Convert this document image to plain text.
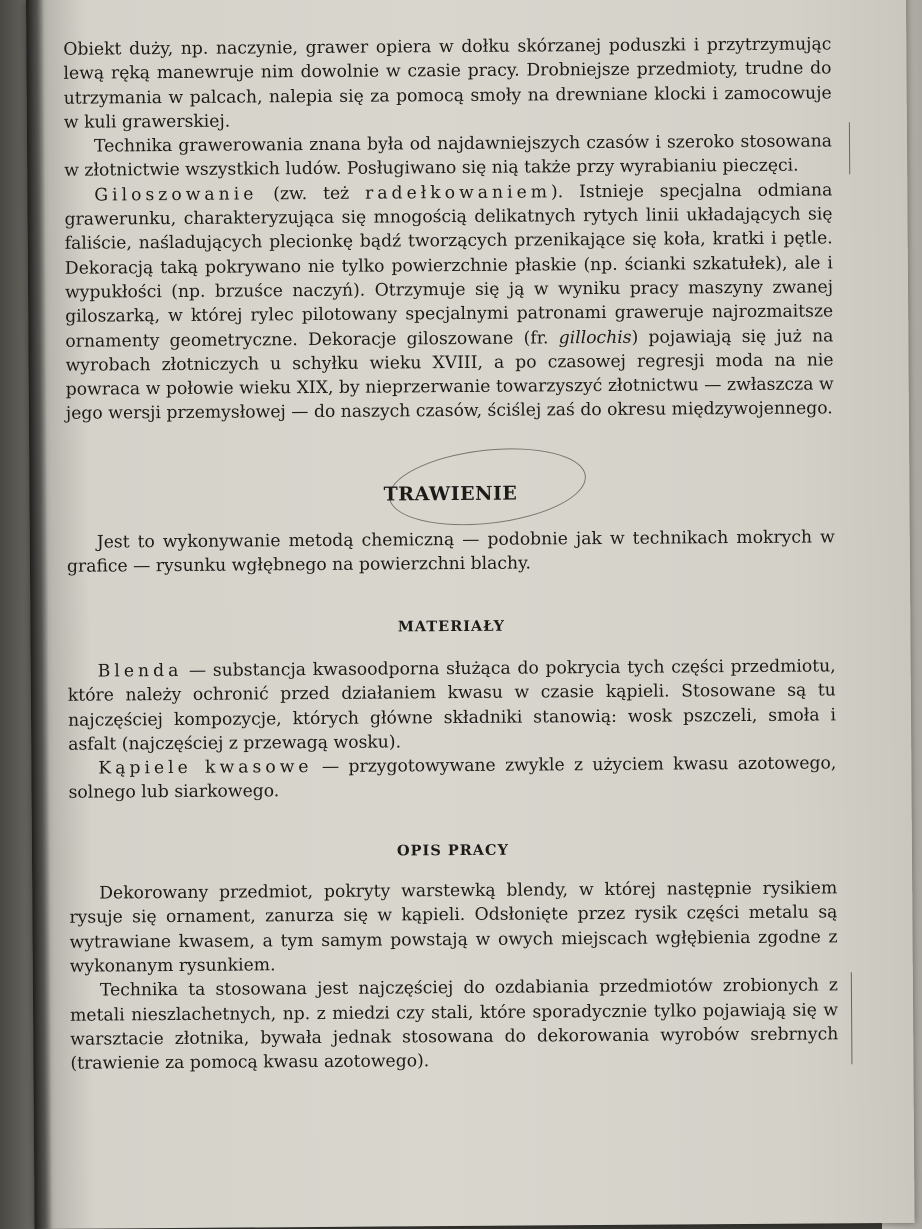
Obiekt duży, np. naczynie, grawer opiera w dołku skórzanej poduszki i przytrzymując lewą ręką manewruje nim dowolnie w czasie pracy. Drobniejsze przedmioty, trudne do utrzymania w palcach, nalepia się za pomocą smoły na drewniane klocki i zamocowuje w kuli grawerskiej.

Technika grawerowania znana była od najdawniejszych czasów i szeroko stosowana w złotnictwie wszystkich ludów. Posługiwano się nią także przy wyrabianiu pieczęci.

Giloszowanie (zw. też radełkowaniem). Istnieje specjalna odmiana grawerunku, charakteryzująca się mnogością delikatnych rytych linii układających się faliście, naśladujących plecionkę bądź tworzących przenikające się koła, kratki i pętle. Dekoracją taką pokrywano nie tylko powierzchnie płaskie (np. ścianki szkatułek), ale i wypukłości (np. brzuśce naczyń). Otrzymuje się ją w wyniku pracy maszyny zwanej giloszarką, w której rylec pilotowany specjalnymi patronami graweruje najrozmaitsze ornamenty geometryczne. Dekoracje giloszowane (fr. gillochis) pojawiają się już na wyrobach złotniczych u schyłku wieku XVIII, a po czasowej regresji moda na nie powraca w połowie wieku XIX, by nieprzerwanie towarzyszyć złotnictwu — zwłaszcza w jego wersji przemysłowej — do naszych czasów, ściślej zaś do okresu międzywojennego.

TRAWIENIE

Jest to wykonywanie metodą chemiczną — podobnie jak w technikach mokrych w grafice — rysunku wgłębnego na powierzchni blachy.

MATERIAŁY

Blenda — substancja kwasoodporna służąca do pokrycia tych części przedmiotu, które należy ochronić przed działaniem kwasu w czasie kąpieli. Stosowane są tu najczęściej kompozycje, których główne składniki stanowią: wosk pszczeli, smoła i asfalt (najczęściej z przewagą wosku).

Kąpiele kwasowe — przygotowywane zwykle z użyciem kwasu azotowego, solnego lub siarkowego.

OPIS PRACY

Dekorowany przedmiot, pokryty warstewką blendy, w której następnie rysikiem rysuje się ornament, zanurza się w kąpieli. Odsłonięte przez rysik części metalu są wytrawiane kwasem, a tym samym powstają w owych miejscach wgłębienia zgodne z wykonanym rysunkiem.

Technika ta stosowana jest najczęściej do ozdabiania przedmiotów zrobionych z metali nieszlachetnych, np. z miedzi czy stali, które sporadycznie tylko pojawiają się w warsztacie złotnika, bywała jednak stosowana do dekorowania wyrobów srebrnych (trawienie za pomocą kwasu azotowego).
